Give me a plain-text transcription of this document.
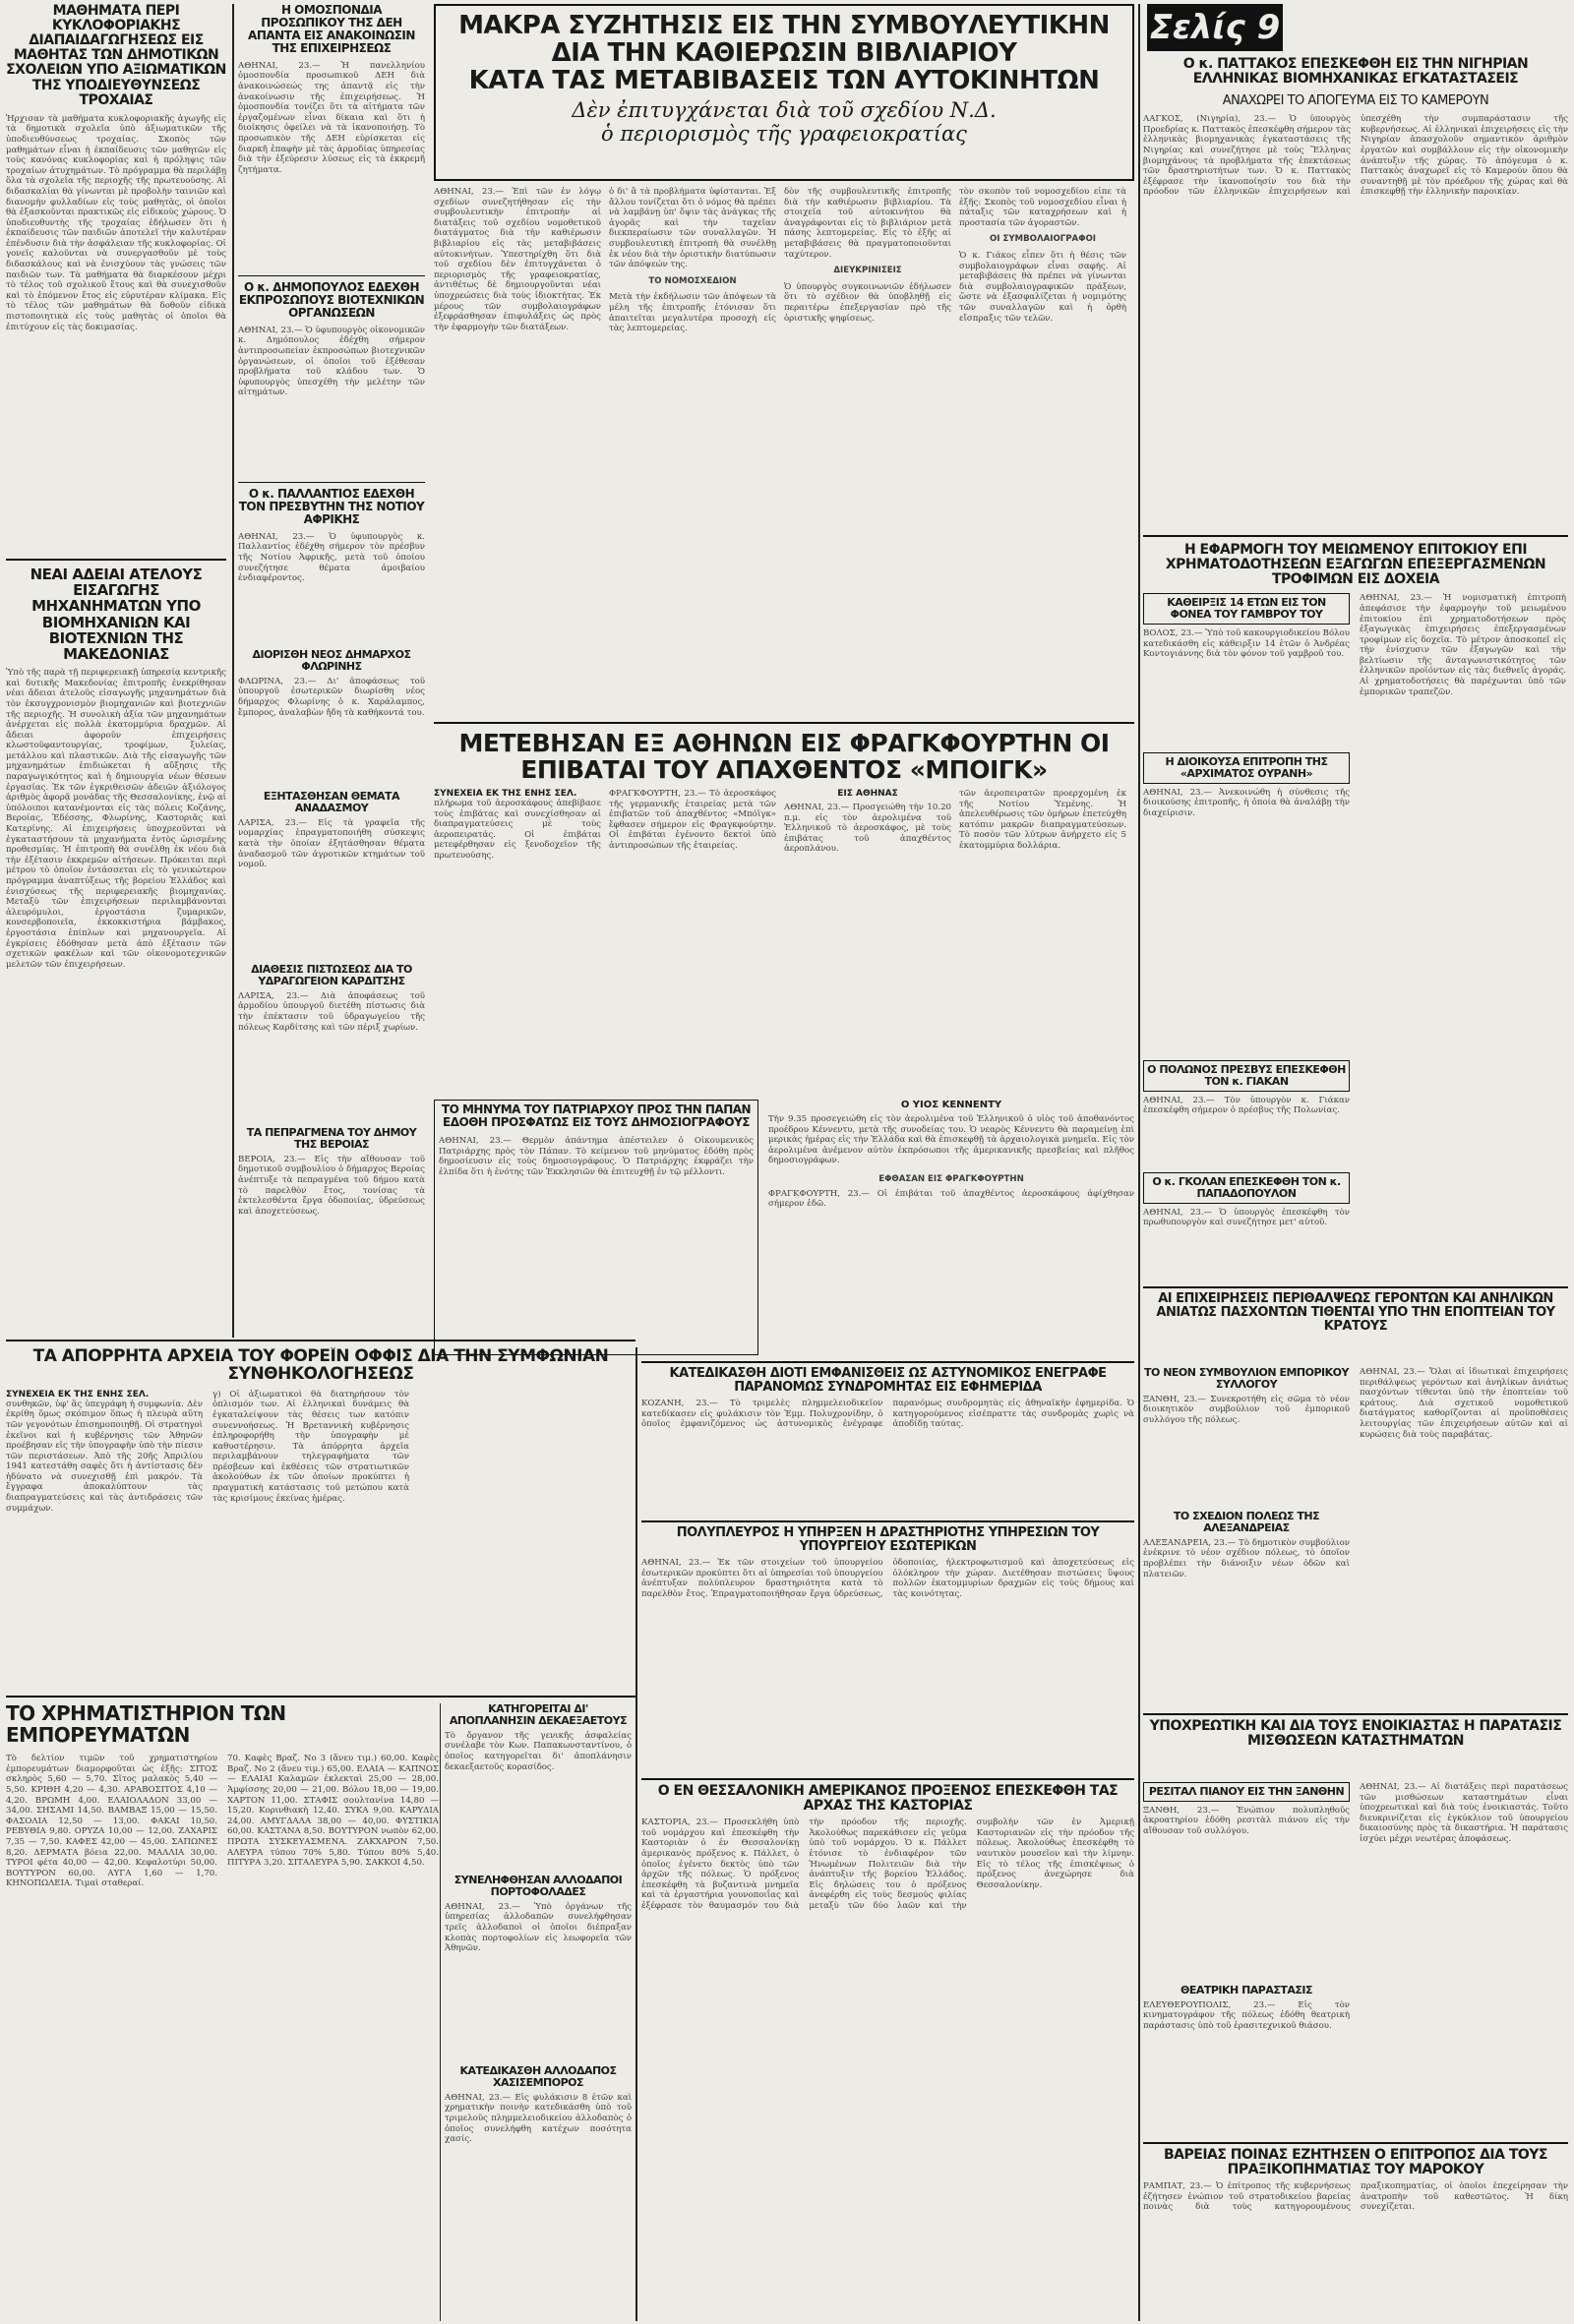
ΜΑΘΗΜΑΤΑ ΠΕΡΙ ΚΥΚΛΟΦΟΡΙΑΚΗΣ ΔΙΑΠΑΙΔΑΓΩΓΗΣΕΩΣ ΕΙΣ ΜΑΘΗΤΑΣ ΤΩΝ ΔΗΜΟΤΙΚΩΝ ΣΧΟΛΕΙΩΝ ΥΠΟ ΑΞΙΩΜΑΤΙΚΩΝ ΤΗΣ ΥΠΟΔΙΕΥΘΥΝΣΕΩΣ ΤΡΟΧΑΙΑΣ
Ἠρχισαν τὰ μαθήματα κυκλοφοριακῆς ἀγωγῆς εἰς τὰ δημοτικὰ σχολεῖα ὑπὸ ἀξιωματικῶν τῆς ὑποδιευθύνσεως τροχαίας. Σκοπὸς τῶν μαθημάτων εἶναι ἡ ἐκπαίδευσις τῶν μαθητῶν εἰς τοὺς κανόνας κυκλοφορίας καὶ ἡ πρόληψις τῶν τροχαίων ἀτυχημάτων. Τὸ πρόγραμμα θὰ περιλάβῃ ὅλα τὰ σχολεῖα τῆς περιοχῆς τῆς πρωτευούσης. Αἱ διδασκαλίαι θὰ γίνωνται μὲ προβολὴν ταινιῶν καὶ διανομὴν φυλλαδίων εἰς τοὺς μαθητὰς, οἱ ὁποῖοι θὰ ἐξασκοῦνται πρακτικῶς εἰς εἰδικοὺς χώρους. Ὁ ὑποδιευθυντὴς τῆς τροχαίας ἐδήλωσεν ὅτι ἡ ἐκπαίδευσις τῶν παιδιῶν ἀποτελεῖ τὴν καλυτέραν ἐπένδυσιν διὰ τὴν ἀσφάλειαν τῆς κυκλοφορίας. Οἱ γονεῖς καλοῦνται νὰ συνεργασθοῦν μὲ τοὺς διδασκάλους καὶ νὰ ἐνισχύουν τὰς γνώσεις τῶν παιδιῶν των. Τὰ μαθήματα θὰ διαρκέσουν μέχρι τὸ τέλος τοῦ σχολικοῦ ἔτους καὶ θὰ συνεχισθοῦν καὶ τὸ ἐπόμενον ἔτος εἰς εὐρυτέραν κλίμακα. Εἰς τὸ τέλος τῶν μαθημάτων θὰ δοθοῦν εἰδικὰ πιστοποιητικὰ εἰς τοὺς μαθητὰς οἱ ὁποῖοι θὰ ἐπιτύχουν εἰς τὰς δοκιμασίας.
ΝΕΑΙ ΑΔΕΙΑΙ ΑΤΕΛΟΥΣ ΕΙΣΑΓΩΓΗΣ ΜΗΧΑΝΗΜΑΤΩΝ ΥΠΟ ΒΙΟΜΗΧΑΝΙΩΝ ΚΑΙ ΒΙΟΤΕΧΝΙΩΝ ΤΗΣ ΜΑΚΕΔΟΝΙΑΣ
Ὑπὸ τῆς παρὰ τῇ περιφερειακῇ ὑπηρεσίᾳ κεντρικῆς καὶ δυτικῆς Μακεδονίας ἐπιτροπῆς ἐνεκρίθησαν νέαι ἄδειαι ἀτελοῦς εἰσαγωγῆς μηχανημάτων διὰ τὸν ἐκσυγχρονισμὸν βιομηχανιῶν καὶ βιοτεχνιῶν τῆς περιοχῆς. Ἡ συνολικὴ ἀξία τῶν μηχανημάτων ἀνέρχεται εἰς πολλὰ ἑκατομμύρια δραχμῶν. Αἱ ἄδειαι ἀφοροῦν ἐπιχειρήσεις κλωστοϋφαντουργίας, τροφίμων, ξυλείας, μετάλλου καὶ πλαστικῶν. Διὰ τῆς εἰσαγωγῆς τῶν μηχανημάτων ἐπιδιώκεται ἡ αὔξησις τῆς παραγωγικότητος καὶ ἡ δημιουργία νέων θέσεων ἐργασίας. Ἐκ τῶν ἐγκριθεισῶν ἀδειῶν ἀξιόλογος ἀριθμὸς ἀφορᾷ μονάδας τῆς Θεσσαλονίκης, ἐνῷ αἱ ὑπόλοιποι κατανέμονται εἰς τὰς πόλεις Κοζάνης, Βεροίας, Ἐδέσσης, Φλωρίνης, Καστοριᾶς καὶ Κατερίνης. Αἱ ἐπιχειρήσεις ὑποχρεοῦνται νὰ ἐγκαταστήσουν τὰ μηχανήματα ἐντὸς ὡρισμένης προθεσμίας. Ἡ ἐπιτροπὴ θὰ συνέλθῃ ἐκ νέου διὰ τὴν ἐξέτασιν ἐκκρεμῶν αἰτήσεων. Πρόκειται περὶ μέτρου τὸ ὁποῖον ἐντάσσεται εἰς τὸ γενικώτερον πρόγραμμα ἀναπτύξεως τῆς βορείου Ἑλλάδος καὶ ἐνισχύσεως τῆς περιφερειακῆς βιομηχανίας. Μεταξὺ τῶν ἐπιχειρήσεων περιλαμβάνονται ἀλευρόμυλοι, ἐργοστάσια ζυμαρικῶν, κονσερβοποιεῖα, ἐκκοκκιστήρια βάμβακος, ἐργοστάσια ἐπίπλων καὶ μηχανουργεῖα. Αἱ ἐγκρίσεις ἐδόθησαν μετὰ ἀπὸ ἐξέτασιν τῶν σχετικῶν φακέλων καὶ τῶν οἰκονομοτεχνικῶν μελετῶν τῶν ἐπιχειρήσεων.
ΤΑ ΑΠΟΡΡΗΤΑ ΑΡΧΕΙΑ ΤΟΥ ΦΟΡΕΪΝ ΟΦΦΙΣ ΔΙΑ ΤΗΝ ΣΥΜΦΩΝΙΑΝ ΣΥΝΘΗΚΟΛΟΓΗΣΕΩΣ
ΣΥΝΕΧΕΙΑ ΕΚ ΤΗΣ ΕΝΗΣ ΣΕΛ.
συνθηκῶν, ὑφ' ἃς ὑπεγράφη ἡ συμφωνία. Δὲν ἐκρίθη ὅμως σκόπιμον ὅπως ἡ πλευρὰ αὕτη τῶν γεγονότων ἐπισημοποιηθῇ. Οἱ στρατηγοὶ ἐκεῖνοι καὶ ἡ κυβέρνησις τῶν Ἀθηνῶν προέβησαν εἰς τὴν ὑπογραφὴν ὑπὸ τὴν πίεσιν τῶν περιστάσεων. Ἀπὸ τῆς 20ῆς Ἀπριλίου 1941 κατεστάθη σαφὲς ὅτι ἡ ἀντίστασις δὲν ἠδύνατο νὰ συνεχισθῇ ἐπὶ μακρόν. Τὰ ἔγγραφα ἀποκαλύπτουν τὰς διαπραγματεύσεις καὶ τὰς ἀντιδράσεις τῶν συμμάχων.
γ) Οἱ ἀξιωματικοὶ θὰ διατηρήσουν τὸν ὁπλισμόν των. Αἱ ἑλληνικαὶ δυνάμεις θὰ ἐγκαταλείψουν τὰς θέσεις των κατόπιν συνεννοήσεως. Ἡ Βρεταννικὴ κυβέρνησις ἐπληροφορήθη τὴν ὑπογραφὴν μὲ καθυστέρησιν. Τὰ ἀπόρρητα ἀρχεῖα περιλαμβάνουν τηλεγραφήματα τῶν πρέσβεων καὶ ἐκθέσεις τῶν στρατιωτικῶν ἀκολούθων ἐκ τῶν ὁποίων προκύπτει ἡ πραγματικὴ κατάστασις τοῦ μετώπου κατὰ τὰς κρισίμους ἐκείνας ἡμέρας.
ΤΟ ΧΡΗΜΑΤΙΣΤΗΡΙΟΝ ΤΩΝ ΕΜΠΟΡΕΥΜΑΤΩΝ
Τὸ δελτίον τιμῶν τοῦ χρηματιστηρίου ἐμπορευμάτων διαμορφοῦται ὡς ἑξῆς: ΣΙΤΟΣ σκληρὸς 5,60 — 5,70. Σῖτος μαλακὸς 5,40 — 5,50. ΚΡΙΘΗ 4,20 — 4,30. ΑΡΑΒΟΣΙΤΟΣ 4,10 — 4,20. ΒΡΩΜΗ 4,00. ΕΛΑΙΟΛΑΔΟΝ 33,00 — 34,00. ΣΗΣΑΜΙ 14,50. ΒΑΜΒΑΞ 15,00 — 15,50. ΦΑΣΟΛΙΑ 12,50 — 13,00. ΦΑΚΑΙ 10,50. ΡΕΒΥΘΙΑ 9,80. ΟΡΥΖΑ 10,00 — 12,00. ΖΑΧΑΡΙΣ 7,35 — 7,50. ΚΑΦΕΣ 42,00 — 45,00. ΣΑΠΩΝΕΣ 8,20. ΔΕΡΜΑΤΑ βόεια 22,00. ΜΑΛΛΙΑ 30,00. ΤΥΡΟΙ φέτα 40,00 — 42,00. Κεφαλοτύρι 50,00. ΒΟΥΤΥΡΟΝ 60,00. ΑΥΓΑ 1,60 — 1,70. ΚΗΝΟΠΩΛΕΙΑ. Τιμαὶ σταθεραί.
70. Καφὲς Βραζ. Νο 3 (ἄνευ τιμ.) 60,00. Καφὲς Βραζ. Νο 2 (ἄνευ τιμ.) 65,00. ΕΛΑΙΑ — ΚΑΠΝΟΣ — ΕΛΑΙΑΙ Καλαμῶν ἐκλεκταὶ 25,00 — 28,00. Ἀμφίσσης 20,00 — 21,00. Βόλου 18,00 — 19,00. ΧΑΡΤΟΝ 11,00. ΣΤΑΦΙΣ σουλτανίνα 14,80 — 15,20. Κορινθιακὴ 12,40. ΣΥΚΑ 9,00. ΚΑΡΥΔΙΑ 24,00. ΑΜΥΓΔΑΛΑ 38,00 — 40,00. ΦΥΣΤΙΚΙΑ 60,00. ΚΑΣΤΑΝΑ 8,50. ΒΟΥΤΥΡΟΝ νωπὸν 62,00. ΠΡΩΤΑ ΣΥΣΚΕΥΑΣΜΕΝΑ. ΖΑΚΧΑΡΟΝ 7,50. ΑΛΕΥΡΑ τύπου 70% 5,80. Τύπου 80% 5,40. ΠΙΤΥΡΑ 3,20. ΣΙΤΑΛΕΥΡΑ 5,90. ΣΑΚΚΟΙ 4,50.
Η ΟΜΟΣΠΟΝΔΙΑ ΠΡΟΣΩΠΙΚΟΥ ΤΗΣ ΔΕΗ ΑΠΑΝΤΑ ΕΙΣ ΑΝΑΚΟΙΝΩΣΙΝ ΤΗΣ ΕΠΙΧΕΙΡΗΣΕΩΣ
ΑΘΗΝΑΙ, 23.— Ἡ πανελληνίου ὁμοσπονδία προσωπικοῦ ΔΕΗ διὰ ἀνακοινώσεώς της ἀπαντᾷ εἰς τὴν ἀνακοίνωσιν τῆς ἐπιχειρήσεως. Ἡ ὁμοσπονδία τονίζει ὅτι τὰ αἰτήματα τῶν ἐργαζομένων εἶναι δίκαια καὶ ὅτι ἡ διοίκησις ὀφείλει νὰ τὰ ἱκανοποιήσῃ. Τὸ προσωπικὸν τῆς ΔΕΗ εὑρίσκεται εἰς διαρκῆ ἐπαφὴν μὲ τὰς ἁρμοδίας ὑπηρεσίας διὰ τὴν ἐξεύρεσιν λύσεως εἰς τὰ ἐκκρεμῆ ζητήματα.
Ο κ. ΔΗΜΟΠΟΥΛΟΣ ΕΔΕΧΘΗ ΕΚΠΡΟΣΩΠΟΥΣ ΒΙΟΤΕΧΝΙΚΩΝ ΟΡΓΑΝΩΣΕΩΝ
ΑΘΗΝΑΙ, 23.— Ὁ ὑφυπουργὸς οἰκονομικῶν κ. Δημόπουλος ἐδέχθη σήμερον ἀντιπροσωπείαν ἐκπροσώπων βιοτεχνικῶν ὀργανώσεων, οἱ ὁποῖοι τοῦ ἐξέθεσαν προβλήματα τοῦ κλάδου των. Ὁ ὑφυπουργὸς ὑπεσχέθη τὴν μελέτην τῶν αἰτημάτων.
Ο κ. ΠΑΛΛΑΝΤΙΟΣ ΕΔΕΧΘΗ ΤΟΝ ΠΡΕΣΒΥΤΗΝ ΤΗΣ ΝΟΤΙΟΥ ΑΦΡΙΚΗΣ
ΑΘΗΝΑΙ, 23.— Ὁ ὑφυπουργὸς κ. Παλλαντίος ἐδέχθη σήμερον τὸν πρέσβυν τῆς Νοτίου Ἀφρικῆς, μετὰ τοῦ ὁποίου συνεζήτησε θέματα ἀμοιβαίου ἐνδιαφέροντος.
ΔΙΟΡΙΣΘΗ ΝΕΟΣ ΔΗΜΑΡΧΟΣ ΦΛΩΡΙΝΗΣ
ΦΛΩΡΙΝΑ, 23.— Δι' ἀποφάσεως τοῦ ὑπουργοῦ ἐσωτερικῶν διωρίσθη νέος δήμαρχος Φλωρίνης ὁ κ. Χαράλαμπος, ἔμπορος, ἀναλαβὼν ἤδη τὰ καθήκοντά του.
ΕΞΗΤΑΣΘΗΣΑΝ ΘΕΜΑΤΑ ΑΝΑΔΑΣΜΟΥ
ΛΑΡΙΣΑ, 23.— Εἰς τὰ γραφεῖα τῆς νομαρχίας ἐπραγματοποιήθη σύσκεψις κατὰ τὴν ὁποίαν ἐξητάσθησαν θέματα ἀναδασμοῦ τῶν ἀγροτικῶν κτημάτων τοῦ νομοῦ.
ΔΙΑΘΕΣΙΣ ΠΙΣΤΩΣΕΩΣ ΔΙΑ ΤΟ ΥΔΡΑΓΩΓΕΙΟΝ ΚΑΡΔΙΤΣΗΣ
ΛΑΡΙΣΑ, 23.— Διὰ ἀποφάσεως τοῦ ἀρμοδίου ὑπουργοῦ διετέθη πίστωσις διὰ τὴν ἐπέκτασιν τοῦ ὑδραγωγείου τῆς πόλεως Καρδίτσης καὶ τῶν πέριξ χωρίων.
ΤΑ ΠΕΠΡΑΓΜΕΝΑ ΤΟΥ ΔΗΜΟΥ ΤΗΣ ΒΕΡΟΙΑΣ
ΒΕΡΟΙΑ, 23.— Εἰς τὴν αἴθουσαν τοῦ δημοτικοῦ συμβουλίου ὁ δήμαρχος Βεροίας ἀνέπτυξε τὰ πεπραγμένα τοῦ δήμου κατὰ τὸ παρελθὸν ἔτος, τονίσας τὰ ἐκτελεσθέντα ἔργα ὁδοποιίας, ὑδρεύσεως καὶ ἀποχετεύσεως.
ΚΑΤΗΓΟΡΕΙΤΑΙ ΔΙ' ΑΠΟΠΛΑΝΗΣΙΝ ΔΕΚΑΕΞΑΕΤΟΥΣ
Τὸ ὄργανον τῆς γενικῆς ἀσφαλείας συνέλαβε τὸν Κων. Παπακωνσταντίνου, ὁ ὁποῖος κατηγορεῖται δι' ἀποπλάνησιν δεκαεξαετοῦς κορασίδος.
ΣΥΝΕΛΗΦΘΗΣΑΝ ΑΛΛΟΔΑΠΟΙ ΠΟΡΤΟΦΟΛΑΔΕΣ
ΑΘΗΝΑΙ, 23.— Ὑπὸ ὀργάνων τῆς ὑπηρεσίας ἀλλοδαπῶν συνελήφθησαν τρεῖς ἀλλοδαποὶ οἱ ὁποῖοι διέπραξαν κλοπὰς πορτοφολίων εἰς λεωφορεῖα τῶν Ἀθηνῶν.
ΚΑΤΕΔΙΚΑΣΘΗ ΑΛΛΟΔΑΠΟΣ ΧΑΣΙΣΕΜΠΟΡΟΣ
ΑΘΗΝΑΙ, 23.— Εἰς φυλάκισιν 8 ἐτῶν καὶ χρηματικὴν ποινὴν κατεδικάσθη ὑπὸ τοῦ τριμελοῦς πλημμελειοδικείου ἀλλοδαπὸς ὁ ὁποῖος συνελήφθη κατέχων ποσότητα χασίς.
ΜΑΚΡΑ ΣΥΖΗΤΗΣΙΣ ΕΙΣ ΤΗΝ ΣΥΜΒΟΥΛΕΥΤΙΚΗΝ
ΔΙΑ ΤΗΝ ΚΑΘΙΕΡΩΣΙΝ ΒΙΒΛΙΑΡΙΟΥ
ΚΑΤΑ ΤΑΣ ΜΕΤΑΒΙΒΑΣΕΙΣ ΤΩΝ ΑΥΤΟΚΙΝΗΤΩΝ
Δὲν ἐπιτυγχάνεται διὰ τοῦ σχεδίου Ν.Δ.
ὁ περιορισμὸς τῆς γραφειοκρατίας
ΑΘΗΝΑΙ, 23.— Ἐπὶ τῶν ἐν λόγῳ σχεδίων συνεζητήθησαν εἰς τὴν συμβουλευτικὴν ἐπιτροπὴν αἱ διατάξεις τοῦ σχεδίου νομοθετικοῦ διατάγματος διὰ τὴν καθιέρωσιν βιβλιαρίου εἰς τὰς μεταβιβάσεις αὐτοκινήτων. Ὑπεστηρίχθη ὅτι διὰ τοῦ σχεδίου δὲν ἐπιτυγχάνεται ὁ περιορισμὸς τῆς γραφειοκρατίας, ἀντιθέτως δὲ δημιουργοῦνται νέαι ὑποχρεώσεις διὰ τοὺς ἰδιοκτήτας. Ἐκ μέρους τῶν συμβολαιογράφων ἐξεφράσθησαν ἐπιφυλάξεις ὡς πρὸς τὴν ἐφαρμογὴν τῶν διατάξεων.
ὁ δι' ἃ τὰ προβλήματα ὑφίστανται. Ἐξ ἄλλου τονίζεται ὅτι ὁ νόμος θὰ πρέπει νὰ λαμβάνῃ ὑπ' ὄψιν τὰς ἀνάγκας τῆς ἀγορᾶς καὶ τὴν ταχεῖαν διεκπεραίωσιν τῶν συναλλαγῶν. Ἡ συμβουλευτικὴ ἐπιτροπὴ θὰ συνέλθῃ ἐκ νέου διὰ τὴν ὁριστικὴν διατύπωσιν τῶν ἀπόψεών της.
ΤΟ ΝΟΜΟΣΧΕΔΙΟΝ
Μετὰ τὴν ἐκδήλωσιν τῶν ἀπόψεων τὰ μέλη τῆς ἐπιτροπῆς ἐτόνισαν ὅτι ἀπαιτεῖται μεγαλυτέρα προσοχὴ εἰς τὰς λεπτομερείας.
δὸν τῆς συμβουλευτικῆς ἐπιτροπῆς διὰ τὴν καθιέρωσιν βιβλιαρίου. Τὰ στοιχεῖα τοῦ αὐτοκινήτου θὰ ἀναγράφονται εἰς τὸ βιβλιάριον μετὰ πάσης λεπτομερείας. Εἰς τὸ ἐξῆς αἱ μεταβιβάσεις θὰ πραγματοποιοῦνται ταχύτερον.
ΔΙΕΥΚΡΙΝΙΣΕΙΣ
Ὁ ὑπουργὸς συγκοινωνιῶν ἐδήλωσεν ὅτι τὸ σχέδιον θὰ ὑποβληθῇ εἰς περαιτέρω ἐπεξεργασίαν πρὸ τῆς ὁριστικῆς ψηφίσεως.
τὸν σκοπὸν τοῦ νομοσχεδίου εἶπε τὰ ἑξῆς: Σκοπὸς τοῦ νομοσχεδίου εἶναι ἡ πάταξις τῶν καταχρήσεων καὶ ἡ προστασία τῶν ἀγοραστῶν.
ΟΙ ΣΥΜΒΟΛΑΙΟΓΡΑΦΟΙ
Ὁ κ. Γιάκος εἶπεν ὅτι ἡ θέσις τῶν συμβολαιογράφων εἶναι σαφής. Αἱ μεταβιβάσεις θὰ πρέπει νὰ γίνωνται διὰ συμβολαιογραφικῶν πράξεων, ὥστε νὰ ἐξασφαλίζεται ἡ νομιμότης τῶν συναλλαγῶν καὶ ἡ ὀρθὴ εἴσπραξις τῶν τελῶν.
ΜΕΤΕΒΗΣΑΝ ΕΞ ΑΘΗΝΩΝ ΕΙΣ ΦΡΑΓΚΦΟΥΡΤΗΝ ΟΙ ΕΠΙΒΑΤΑΙ ΤΟΥ ΑΠΑΧΘΕΝΤΟΣ «ΜΠΟΙΓΚ»
ΣΥΝΕΧΕΙΑ ΕΚ ΤΗΣ ΕΝΗΣ ΣΕΛ.
πλήρωμα τοῦ ἀεροσκάφους ἀπεβίβασε τοὺς ἐπιβάτας καὶ συνεχίσθησαν αἱ διαπραγματεύσεις μὲ τοὺς ἀεροπειρατάς. Οἱ ἐπιβάται μετεφέρθησαν εἰς ξενοδοχεῖον τῆς πρωτευούσης.
ΦΡΑΓΚΦΟΥΡΤΗ, 23.— Τὸ ἀεροσκάφος τῆς γερμανικῆς ἑταιρείας μετὰ τῶν ἐπιβατῶν τοῦ ἀπαχθέντος «Μπόϊγκ» ἔφθασεν σήμερον εἰς Φραγκφούρτην. Οἱ ἐπιβάται ἐγένοντο δεκτοὶ ὑπὸ ἀντιπροσώπων τῆς ἑταιρείας.
ΕΙΣ ΑΘΗΝΑΣ
ΑΘΗΝΑΙ, 23.— Προσγειώθη τὴν 10.20 π.μ. εἰς τὸν ἀερολιμένα τοῦ Ἑλληνικοῦ τὸ ἀεροσκάφος, μὲ τοὺς ἐπιβάτας τοῦ ἀπαχθέντος ἀεροπλάνου.
τῶν ἀεροπειρατῶν προερχομένη ἐκ τῆς Νοτίου Ὑεμένης. Ἡ ἀπελευθέρωσις τῶν ὁμήρων ἐπετεύχθη κατόπιν μακρῶν διαπραγματεύσεων. Τὸ ποσὸν τῶν λύτρων ἀνήρχετο εἰς 5 ἑκατομμύρια δολλάρια.
ΤΟ ΜΗΝΥΜΑ ΤΟΥ ΠΑΤΡΙΑΡΧΟΥ ΠΡΟΣ ΤΗΝ ΠΑΠΑΝ ΕΔΟΘΗ ΠΡΟΣΦΑΤΩΣ ΕΙΣ ΤΟΥΣ ΔΗΜΟΣΙΟΓΡΑΦΟΥΣ
ΑΘΗΝΑΙ, 23.— Θερμὸν ἀπάντημα ἀπέστειλεν ὁ Οἰκουμενικὸς Πατριάρχης πρὸς τὸν Πάπαν. Τὸ κείμενον τοῦ μηνύματος ἐδόθη πρὸς δημοσίευσιν εἰς τοὺς δημοσιογράφους. Ὁ Πατριάρχης ἐκφράζει τὴν ἐλπίδα ὅτι ἡ ἑνότης τῶν Ἐκκλησιῶν θὰ ἐπιτευχθῇ ἐν τῷ μέλλοντι.
Ο ΥΙΟΣ ΚΕΝΝΕΝΤΥ
Τὴν 9.35 προσεγειώθη εἰς τὸν ἀερολιμένα τοῦ Ἑλληνικοῦ ὁ υἱὸς τοῦ ἀποθανόντος προέδρου Κέννεντυ, μετὰ τῆς συνοδείας του. Ὁ νεαρὸς Κέννεντυ θὰ παραμείνῃ ἐπὶ μερικὰς ἡμέρας εἰς τὴν Ἑλλάδα καὶ θὰ ἐπισκεφθῇ τὰ ἀρχαιολογικὰ μνημεῖα. Εἰς τὸν ἀερολιμένα ἀνέμενον αὐτὸν ἐκπρόσωποι τῆς ἀμερικανικῆς πρεσβείας καὶ πλῆθος δημοσιογράφων.
ΕΦΘΑΣΑΝ ΕΙΣ ΦΡΑΓΚΦΟΥΡΤΗΝ
ΦΡΑΓΚΦΟΥΡΤΗ, 23.— Οἱ ἐπιβάται τοῦ ἀπαχθέντος ἀεροσκάφους ἀφίχθησαν σήμερον ἐδῶ.
ΚΑΤΕΔΙΚΑΣΘΗ ΔΙΟΤΙ ΕΜΦΑΝΙΣΘΕΙΣ ΩΣ ΑΣΤΥΝΟΜΙΚΟΣ ΕΝΕΓΡΑΦΕ ΠΑΡΑΝΟΜΩΣ ΣΥΝΔΡΟΜΗΤΑΣ ΕΙΣ ΕΦΗΜΕΡΙΔΑ
ΚΟΖΑΝΗ, 23.— Τὸ τριμελὲς πλημμελειοδικεῖον κατεδίκασεν εἰς φυλάκισιν τὸν Ἐμμ. Πολυχρονίδην, ὁ ὁποῖος ἐμφανιζόμενος ὡς ἀστυνομικὸς ἐνέγραφε παρανόμως συνδρομητὰς εἰς ἀθηναϊκὴν ἐφημερίδα. Ὁ κατηγορούμενος εἰσέπραττε τὰς συνδρομὰς χωρὶς νὰ ἀποδίδῃ ταύτας.
ΠΟΛΥΠΛΕΥΡΟΣ Η ΥΠΗΡΞΕΝ Η ΔΡΑΣΤΗΡΙΟΤΗΣ ΥΠΗΡΕΣΙΩΝ ΤΟΥ ΥΠΟΥΡΓΕΙΟΥ ΕΣΩΤΕΡΙΚΩΝ
ΑΘΗΝΑΙ, 23.— Ἐκ τῶν στοιχείων τοῦ ὑπουργείου ἐσωτερικῶν προκύπτει ὅτι αἱ ὑπηρεσίαι τοῦ ὑπουργείου ἀνέπτυξαν πολύπλευρον δραστηριότητα κατὰ τὸ παρελθὸν ἔτος. Ἐπραγματοποιήθησαν ἔργα ὑδρεύσεως, ὁδοποιίας, ἠλεκτροφωτισμοῦ καὶ ἀποχετεύσεως εἰς ὁλόκληρον τὴν χώραν. Διετέθησαν πιστώσεις ὕψους πολλῶν ἑκατομμυρίων δραχμῶν εἰς τοὺς δήμους καὶ τὰς κοινότητας.
Ο ΕΝ ΘΕΣΣΑΛΟΝΙΚΗ ΑΜΕΡΙΚΑΝΟΣ ΠΡΟΞΕΝΟΣ ΕΠΕΣΚΕΦΘΗ ΤΑΣ ΑΡΧΑΣ ΤΗΣ ΚΑΣΤΟΡΙΑΣ
ΚΑΣΤΟΡΙΑ, 23.— Προσεκλήθη ὑπὸ τοῦ νομάρχου καὶ ἐπεσκέφθη τὴν Καστοριὰν ὁ ἐν Θεσσαλονίκῃ ἀμερικανὸς πρόξενος κ. Πάλλετ, ὁ ὁποῖος ἐγένετο δεκτὸς ὑπὸ τῶν ἀρχῶν τῆς πόλεως. Ὁ πρόξενος ἐπεσκέφθη τὰ βυζαντινὰ μνημεῖα καὶ τὰ ἐργαστήρια γουνοποιΐας καὶ ἐξέφρασε τὸν θαυμασμόν του διὰ τὴν πρόοδον τῆς περιοχῆς. Ἀκολούθως παρεκάθισεν εἰς γεῦμα ὑπὸ τοῦ νομάρχου. Ὁ κ. Πάλλετ ἐτόνισε τὸ ἐνδιαφέρον τῶν Ἡνωμένων Πολιτειῶν διὰ τὴν ἀνάπτυξιν τῆς βορείου Ἑλλάδος. Εἰς δηλώσεις του ὁ πρόξενος ἀνεφέρθη εἰς τοὺς δεσμοὺς φιλίας μεταξὺ τῶν δύο λαῶν καὶ τὴν συμβολὴν τῶν ἐν Ἀμερικῇ Καστοριανῶν εἰς τὴν πρόοδον τῆς πόλεως. Ἀκολούθως ἐπεσκέφθη τὸ ναυτικὸν μουσεῖον καὶ τὴν λίμνην. Εἰς τὸ τέλος τῆς ἐπισκέψεως ὁ πρόξενος ἀνεχώρησε διὰ Θεσσαλονίκην.
Σελίς 9
Ο κ. ΠΑΤΤΑΚΟΣ ΕΠΕΣΚΕΦΘΗ ΕΙΣ ΤΗΝ ΝΙΓΗΡΙΑΝ ΕΛΛΗΝΙΚΑΣ ΒΙΟΜΗΧΑΝΙΚΑΣ ΕΓΚΑΤΑΣΤΑΣΕΙΣ
ΑΝΑΧΩΡΕΙ ΤΟ ΑΠΟΓΕΥΜΑ ΕΙΣ ΤΟ ΚΑΜΕΡΟΥΝ
ΛΑΓΚΟΣ, (Νιγηρία), 23.— Ὁ ὑπουργὸς Προεδρίας κ. Παττακὸς ἐπεσκέφθη σήμερον τὰς ἑλληνικὰς βιομηχανικὰς ἐγκαταστάσεις τῆς Νιγηρίας καὶ συνεζήτησε μὲ τοὺς Ἕλληνας βιομηχάνους τὰ προβλήματα τῆς ἐπεκτάσεως τῶν δραστηριοτήτων των. Ὁ κ. Παττακὸς ἐξέφρασε τὴν ἱκανοποίησίν του διὰ τὴν πρόοδον τῶν ἑλληνικῶν ἐπιχειρήσεων καὶ ὑπεσχέθη τὴν συμπαράστασιν τῆς κυβερνήσεως. Αἱ ἑλληνικαὶ ἐπιχειρήσεις εἰς τὴν Νιγηρίαν ἀπασχολοῦν σημαντικὸν ἀριθμὸν ἐργατῶν καὶ συμβάλλουν εἰς τὴν οἰκονομικὴν ἀνάπτυξιν τῆς χώρας. Τὸ ἀπόγευμα ὁ κ. Παττακὸς ἀναχωρεῖ εἰς τὸ Καμερούν ὅπου θὰ συναντηθῇ μὲ τὸν πρόεδρον τῆς χώρας καὶ θὰ ἐπισκεφθῇ τὴν ἑλληνικὴν παροικίαν.
Η ΕΦΑΡΜΟΓΗ ΤΟΥ ΜΕΙΩΜΕΝΟΥ ΕΠΙΤΟΚΙΟΥ ΕΠΙ ΧΡΗΜΑΤΟΔΟΤΗΣΕΩΝ ΕΞΑΓΩΓΩΝ ΕΠΕΞΕΡΓΑΣΜΕΝΩΝ ΤΡΟΦΙΜΩΝ ΕΙΣ ΔΟΧΕΙΑ
ΚΑΘΕΙΡΞΙΣ 14 ΕΤΩΝ ΕΙΣ ΤΟΝ ΦΟΝΕΑ ΤΟΥ ΓΑΜΒΡΟΥ ΤΟΥ
ΒΟΛΟΣ, 23.— Ὑπὸ τοῦ κακουργιοδικείου Βόλου κατεδικάσθη εἰς κάθειρξιν 14 ἐτῶν ὁ Ἀνδρέας Κοντογιάννης διὰ τὸν φόνον τοῦ γαμβροῦ του.
Η ΔΙΟΙΚΟΥΣΑ ΕΠΙΤΡΟΠΗ ΤΗΣ «ΑΡΧΙΜΑΤΟΣ ΟΥΡΑΝΗ»
ΑΘΗΝΑΙ, 23.— Ἀνεκοινώθη ἡ σύνθεσις τῆς διοικούσης ἐπιτροπῆς, ἡ ὁποία θὰ ἀναλάβῃ τὴν διαχείρισιν.
ΑΘΗΝΑΙ, 23.— Ἡ νομισματικὴ ἐπιτροπὴ ἀπεφάσισε τὴν ἐφαρμογὴν τοῦ μειωμένου ἐπιτοκίου ἐπὶ χρηματοδοτήσεων πρὸς ἐξαγωγικὰς ἐπιχειρήσεις ἐπεξεργασμένων τροφίμων εἰς δοχεῖα. Τὸ μέτρον ἀποσκοπεῖ εἰς τὴν ἐνίσχυσιν τῶν ἐξαγωγῶν καὶ τὴν βελτίωσιν τῆς ἀνταγωνιστικότητος τῶν ἑλληνικῶν προϊόντων εἰς τὰς διεθνεῖς ἀγοράς. Αἱ χρηματοδοτήσεις θὰ παρέχωνται ὑπὸ τῶν ἐμπορικῶν τραπεζῶν.
Ο ΠΟΛΩΝΟΣ ΠΡΕΣΒΥΣ ΕΠΕΣΚΕΦΘΗ ΤΟΝ κ. ΓΙΑΚΑΝ
ΑΘΗΝΑΙ, 23.— Τὸν ὑπουργὸν κ. Γιάκαν ἐπεσκέφθη σήμερον ὁ πρέσβυς τῆς Πολωνίας.
Ο κ. ΓΚΟΛΑΝ ΕΠΕΣΚΕΦΘΗ ΤΟΝ κ. ΠΑΠΑΔΟΠΟΥΛΟΝ
ΑΘΗΝΑΙ, 23.— Ὁ ὑπουργὸς ἐπεσκέφθη τὸν πρωθυπουργὸν καὶ συνεζήτησε μετ' αὐτοῦ.
ΑΙ ΕΠΙΧΕΙΡΗΣΕΙΣ ΠΕΡΙΘΑΛΨΕΩΣ ΓΕΡΟΝΤΩΝ ΚΑΙ ΑΝΗΛΙΚΩΝ ΑΝΙΑΤΩΣ ΠΑΣΧΟΝΤΩΝ ΤΙΘΕΝΤΑΙ ΥΠΟ ΤΗΝ ΕΠΟΠΤΕΙΑΝ ΤΟΥ ΚΡΑΤΟΥΣ
ΤΟ ΝΕΟΝ ΣΥΜΒΟΥΛΙΟΝ ΕΜΠΟΡΙΚΟΥ ΣΥΛΛΟΓΟΥ
ΞΑΝΘΗ, 23.— Συνεκροτήθη εἰς σῶμα τὸ νέον διοικητικὸν συμβούλιον τοῦ ἐμπορικοῦ συλλόγου τῆς πόλεως.
ΤΟ ΣΧΕΔΙΟΝ ΠΟΛΕΩΣ ΤΗΣ ΑΛΕΞΑΝΔΡΕΙΑΣ
ΑΛΕΞΑΝΔΡΕΙΑ, 23.— Τὸ δημοτικὸν συμβούλιον ἐνέκρινε τὸ νέον σχέδιον πόλεως, τὸ ὁποῖον προβλέπει τὴν διάνοιξιν νέων ὁδῶν καὶ πλατειῶν.
ΑΘΗΝΑΙ, 23.— Ὅλαι αἱ ἰδιωτικαὶ ἐπιχειρήσεις περιθάλψεως γερόντων καὶ ἀνηλίκων ἀνιάτως πασχόντων τίθενται ὑπὸ τὴν ἐποπτείαν τοῦ κράτους. Διὰ σχετικοῦ νομοθετικοῦ διατάγματος καθορίζονται αἱ προϋποθέσεις λειτουργίας τῶν ἐπιχειρήσεων αὐτῶν καὶ αἱ κυρώσεις διὰ τοὺς παραβάτας.
ΥΠΟΧΡΕΩΤΙΚΗ ΚΑΙ ΔΙΑ ΤΟΥΣ ΕΝΟΙΚΙΑΣΤΑΣ Η ΠΑΡΑΤΑΣΙΣ ΜΙΣΘΩΣΕΩΝ ΚΑΤΑΣΤΗΜΑΤΩΝ
ΡΕΣΙΤΑΛ ΠΙΑΝΟΥ ΕΙΣ ΤΗΝ ΞΑΝΘΗΝ
ΞΑΝΘΗ, 23.— Ἐνώπιον πολυπληθοῦς ἀκροατηρίου ἐδόθη ρεσιτὰλ πιάνου εἰς τὴν αἴθουσαν τοῦ συλλόγου.
ΘΕΑΤΡΙΚΗ ΠΑΡΑΣΤΑΣΙΣ
ΕΛΕΥΘΕΡΟΥΠΟΛΙΣ, 23.— Εἰς τὸν κινηματογράφον τῆς πόλεως ἐδόθη θεατρικὴ παράστασις ὑπὸ τοῦ ἐρασιτεχνικοῦ θιάσου.
ΑΘΗΝΑΙ, 23.— Αἱ διατάξεις περὶ παρατάσεως τῶν μισθώσεων καταστημάτων εἶναι ὑποχρεωτικαὶ καὶ διὰ τοὺς ἐνοικιαστάς. Τοῦτο διευκρινίζεται εἰς ἐγκύκλιον τοῦ ὑπουργείου δικαιοσύνης πρὸς τὰ δικαστήρια. Ἡ παράτασις ἰσχύει μέχρι νεωτέρας ἀποφάσεως.
ΒΑΡΕΙΑΣ ΠΟΙΝΑΣ ΕΖΗΤΗΣΕΝ Ο ΕΠΙΤΡΟΠΟΣ ΔΙΑ ΤΟΥΣ ΠΡΑΞΙΚΟΠΗΜΑΤΙΑΣ ΤΟΥ ΜΑΡΟΚΟΥ
ΡΑΜΠΑΤ, 23.— Ὁ ἐπίτροπος τῆς κυβερνήσεως ἐζήτησεν ἐνώπιον τοῦ στρατοδικείου βαρείας ποινὰς διὰ τοὺς κατηγορουμένους πραξικοπηματίας, οἱ ὁποῖοι ἐπεχείρησαν τὴν ἀνατροπὴν τοῦ καθεστῶτος. Ἡ δίκη συνεχίζεται.
